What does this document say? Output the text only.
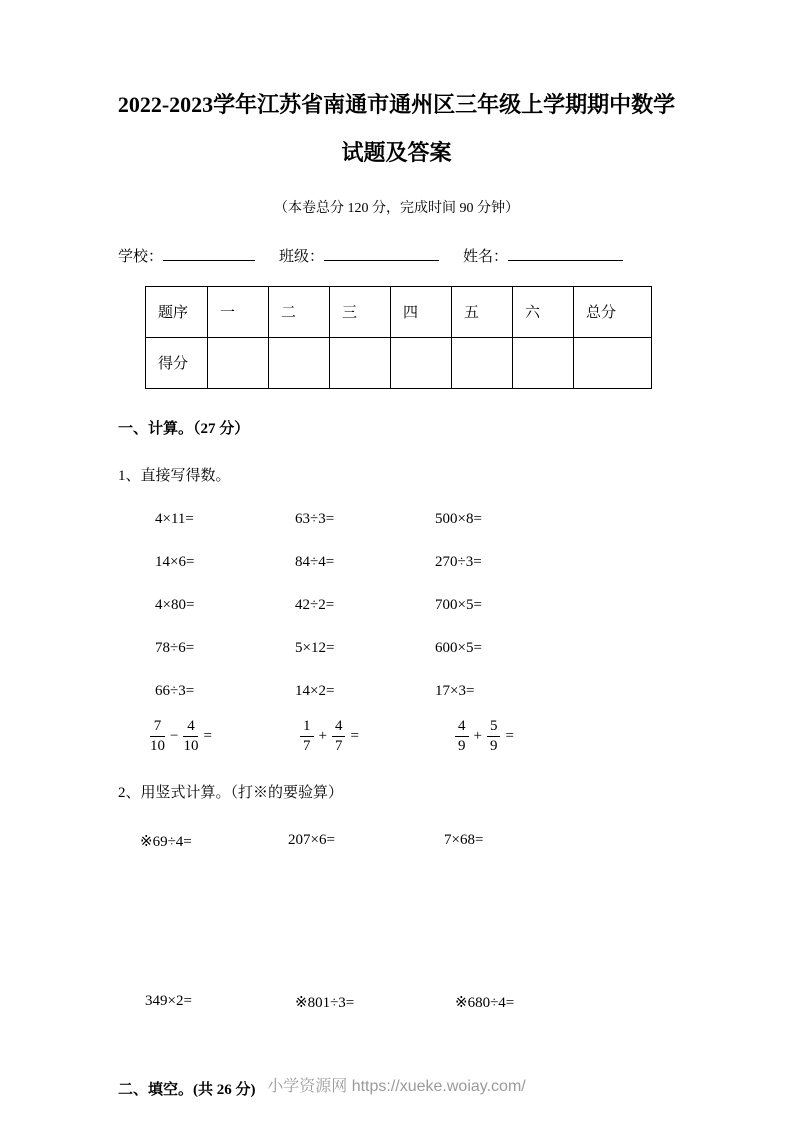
2022-2023学年江苏省南通市通州区三年级上学期期中数学
试题及答案
（本卷总分 120 分，完成时间 90 分钟）
学校：	班级：	姓名：
题序	一	二	三	四	五	六	总分
得分							
一、计算。（27 分）
1、直接写得数。
4×11=	63÷3=	500×8=
14×6=	84÷4=	270÷3=
4×80=	42÷2=	700×5=
78÷6=	5×12=	600×5=
66÷3=	14×2=	17×3=
$\frac{7}{10} - \frac{4}{10}$ =	$\frac{1}{7} + \frac{4}{7}$ =	$\frac{4}{9} + \frac{5}{9}$ =
2、用竖式计算。（打※的要验算）
※69÷4=	207×6=	7×68=
349×2=	※801÷3=	※680÷4=
二、填空。(共 26 分) 小学资源网 https://xueke.woiay.com/
